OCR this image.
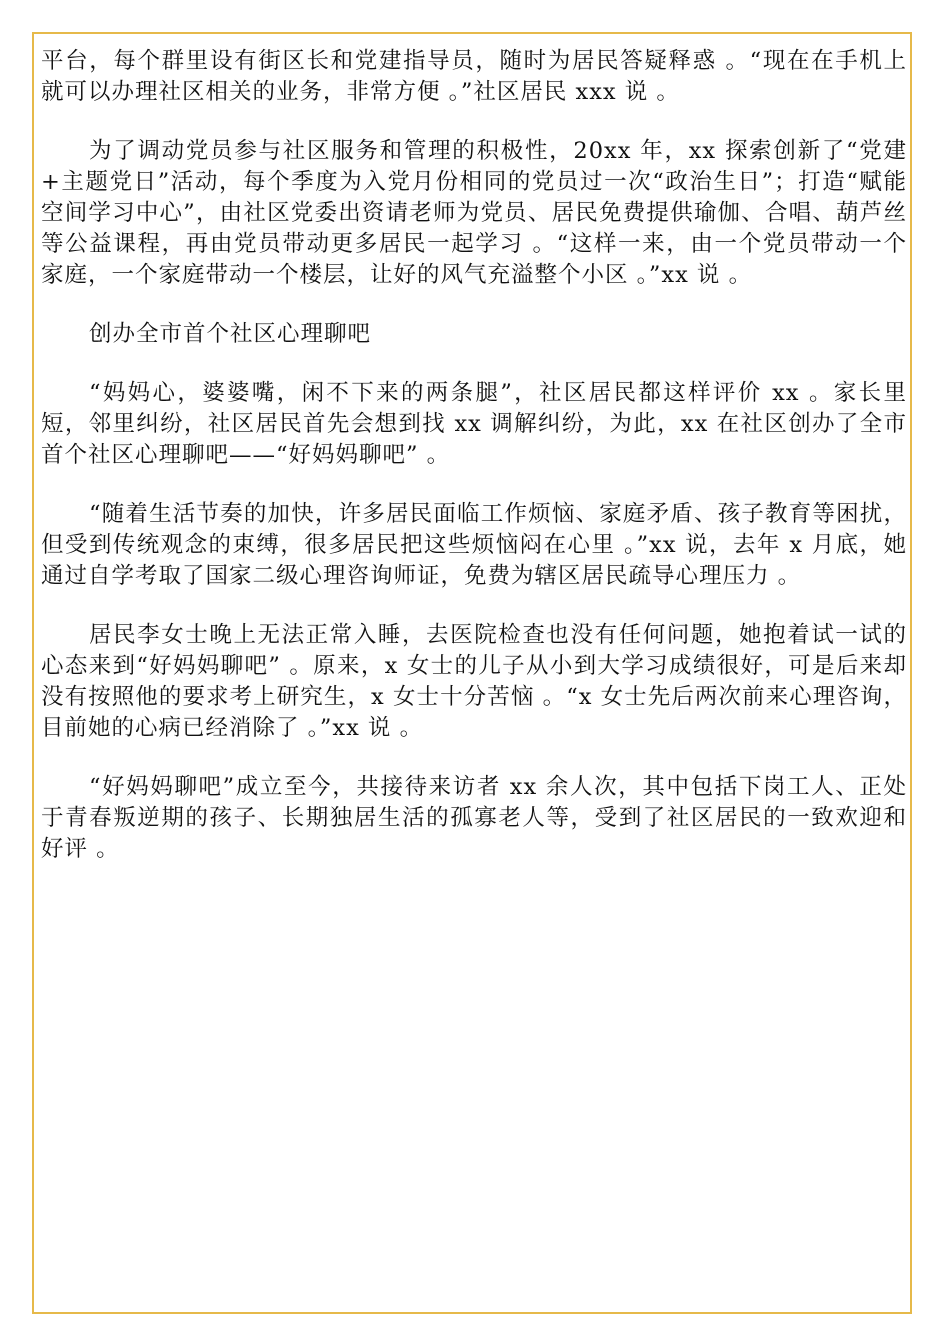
平台，每个群里设有街区长和党建指导员，随时为居民答疑释惑 。“现在在手机上就可以办理社区相关的业务，非常方便 。”社区居民 xxx 说 。

为了调动党员参与社区服务和管理的积极性，20xx 年，xx 探索创新了“党建+主题党日”活动，每个季度为入党月份相同的党员过一次“政治生日”；打造“赋能空间学习中心”，由社区党委出资请老师为党员、居民免费提供瑜伽、合唱、葫芦丝等公益课程，再由党员带动更多居民一起学习 。“这样一来，由一个党员带动一个家庭，一个家庭带动一个楼层，让好的风气充溢整个小区 。”xx 说 。

创办全市首个社区心理聊吧

“妈妈心，婆婆嘴，闲不下来的两条腿”，社区居民都这样评价 xx 。家长里短，邻里纠纷，社区居民首先会想到找 xx 调解纠纷，为此，xx 在社区创办了全市首个社区心理聊吧——“好妈妈聊吧” 。

“随着生活节奏的加快，许多居民面临工作烦恼、家庭矛盾、孩子教育等困扰，但受到传统观念的束缚，很多居民把这些烦恼闷在心里 。”xx 说，去年 x 月底，她通过自学考取了国家二级心理咨询师证，免费为辖区居民疏导心理压力 。

居民李女士晚上无法正常入睡，去医院检查也没有任何问题，她抱着试一试的心态来到“好妈妈聊吧” 。原来，x 女士的儿子从小到大学习成绩很好，可是后来却没有按照他的要求考上研究生，x 女士十分苦恼 。“x 女士先后两次前来心理咨询，目前她的心病已经消除了 。”xx 说 。

“好妈妈聊吧”成立至今，共接待来访者 xx 余人次，其中包括下岗工人、正处于青春叛逆期的孩子、长期独居生活的孤寡老人等，受到了社区居民的一致欢迎和好评 。
